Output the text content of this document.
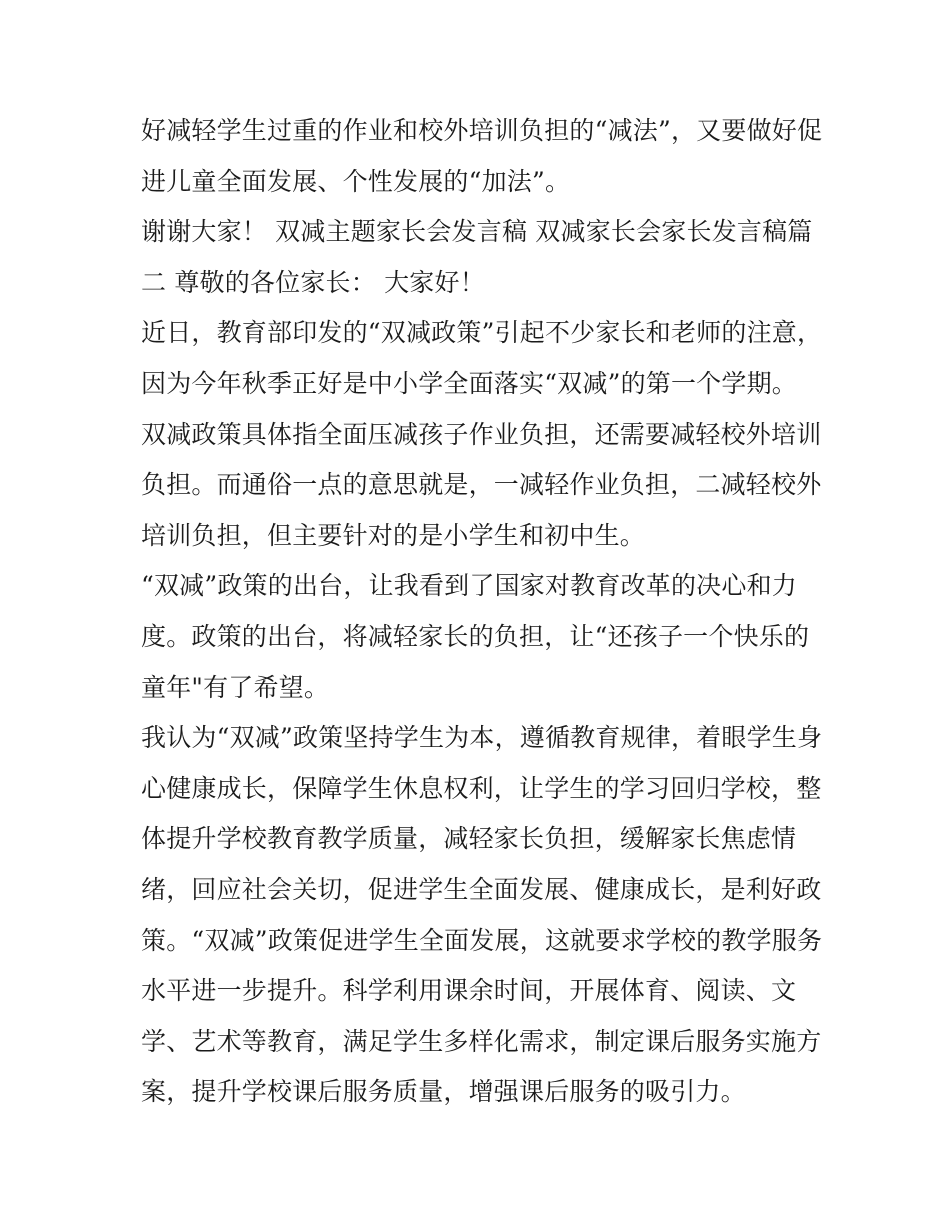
好减轻学生过重的作业和校外培训负担的“减法”，又要做好促
进儿童全面发展、个性发展的“加法”。
谢谢大家！ 双减主题家长会发言稿 双减家长会家长发言稿篇
二 尊敬的各位家长： 大家好！
近日，教育部印发的“双减政策”引起不少家长和老师的注意，
因为今年秋季正好是中小学全面落实“双减”的第一个学期。
双减政策具体指全面压减孩子作业负担，还需要减轻校外培训
负担。而通俗一点的意思就是，一减轻作业负担，二减轻校外
培训负担，但主要针对的是小学生和初中生。
“双减”政策的出台，让我看到了国家对教育改革的决心和力
度。政策的出台，将减轻家长的负担，让“还孩子一个快乐的
童年"有了希望。
我认为“双减”政策坚持学生为本，遵循教育规律，着眼学生身
心健康成长，保障学生休息权利，让学生的学习回归学校，整
体提升学校教育教学质量，减轻家长负担，缓解家长焦虑情
绪，回应社会关切，促进学生全面发展、健康成长，是利好政
策。“双减”政策促进学生全面发展，这就要求学校的教学服务
水平进一步提升。科学利用课余时间，开展体育、阅读、文
学、艺术等教育，满足学生多样化需求，制定课后服务实施方
案，提升学校课后服务质量，增强课后服务的吸引力。
